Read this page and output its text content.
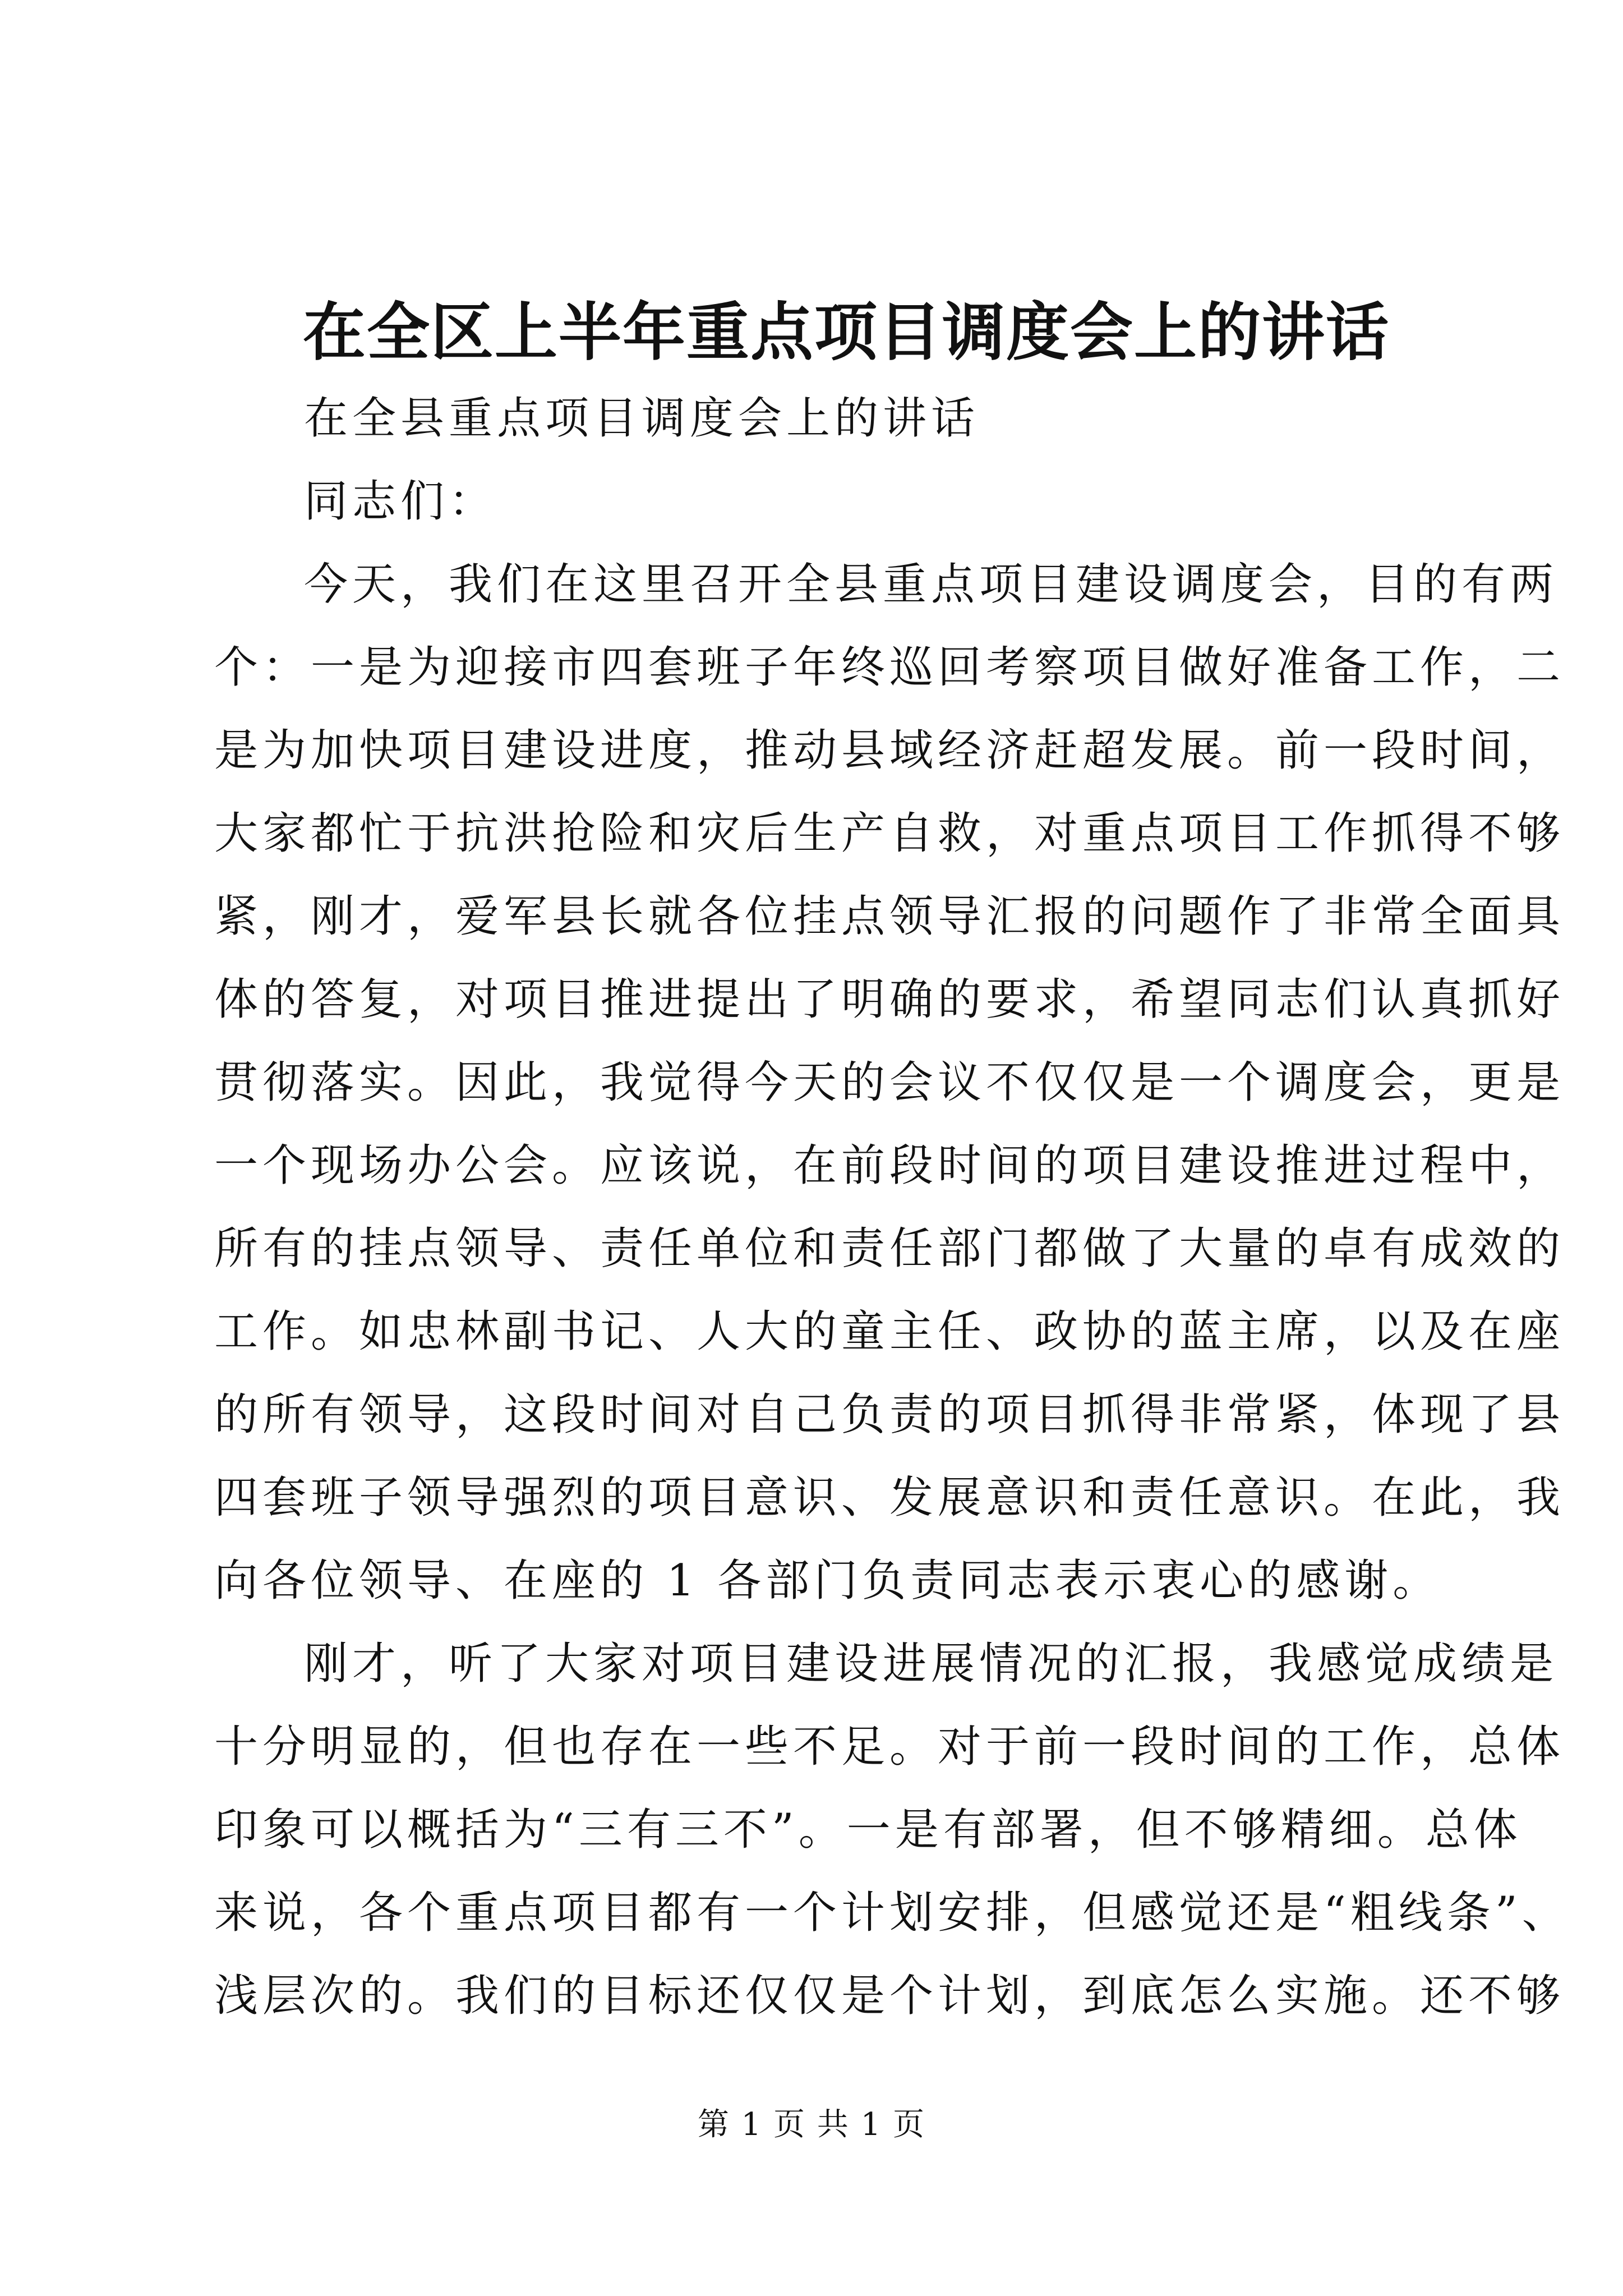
在全区上半年重点项目调度会上的讲话
在全县重点项目调度会上的讲话
同志们：
今天，我们在这里召开全县重点项目建设调度会，目的有两
个：一是为迎接市四套班子年终巡回考察项目做好准备工作，二
是为加快项目建设进度，推动县域经济赶超发展。前一段时间，
大家都忙于抗洪抢险和灾后生产自救，对重点项目工作抓得不够
紧，刚才，爱军县长就各位挂点领导汇报的问题作了非常全面具
体的答复，对项目推进提出了明确的要求，希望同志们认真抓好
贯彻落实。因此，我觉得今天的会议不仅仅是一个调度会，更是
一个现场办公会。应该说，在前段时间的项目建设推进过程中，
所有的挂点领导、责任单位和责任部门都做了大量的卓有成效的
工作。如忠林副书记、人大的童主任、政协的蓝主席，以及在座
的所有领导，这段时间对自己负责的项目抓得非常紧，体现了县
四套班子领导强烈的项目意识、发展意识和责任意识。在此，我
向各位领导、在座的 1 各部门负责同志表示衷心的感谢。
刚才，听了大家对项目建设进展情况的汇报，我感觉成绩是
十分明显的，但也存在一些不足。对于前一段时间的工作，总体
印象可以概括为“三有三不”。一是有部署，但不够精细。总体
来说，各个重点项目都有一个计划安排，但感觉还是“粗线条”、
浅层次的。我们的目标还仅仅是个计划，到底怎么实施。还不够
第 1 页 共 1 页
